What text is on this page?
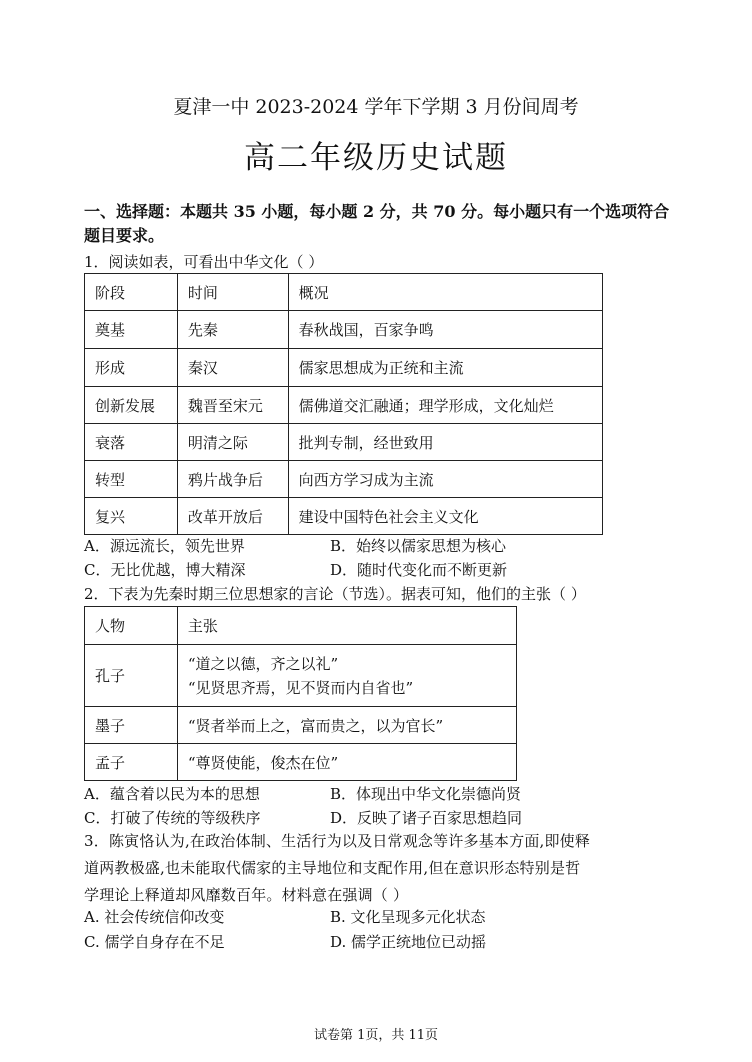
夏津一中 2023-2024 学年下学期 3 月份间周考
高二年级历史试题
一、选择题：本题共 35 小题，每小题 2 分，共 70 分。每小题只有一个选项符合题目要求。
1．阅读如表，可看出中华文化（ ）
阶段	时间	概况
奠基	先秦	春秋战国，百家争鸣
形成	秦汉	儒家思想成为正统和主流
创新发展	魏晋至宋元	儒佛道交汇融通；理学形成，文化灿烂
衰落	明清之际	批判专制，经世致用
转型	鸦片战争后	向西方学习成为主流
复兴	改革开放后	建设中国特色社会主义文化
A．源远流长，领先世界	B．始终以儒家思想为核心
C．无比优越，博大精深	D．随时代变化而不断更新
2．下表为先秦时期三位思想家的言论（节选）。据表可知，他们的主张（ ）
人物	主张
孔子	“道之以德，齐之以礼”
“见贤思齐焉，见不贤而内自省也”

墨子	“贤者举而上之，富而贵之，以为官长”
孟子	“尊贤使能，俊杰在位”
A．蕴含着以民为本的思想	B．体现出中华文化崇德尚贤
C．打破了传统的等级秩序	D．反映了诸子百家思想趋同
3．陈寅恪认为,在政治体制、生活行为以及日常观念等许多基本方面,即使释
道两教极盛,也未能取代儒家的主导地位和支配作用,但在意识形态特别是哲
学理论上释道却风靡数百年。材料意在强调（ ）
A. 社会传统信仰改变	B. 文化呈现多元化状态
C. 儒学自身存在不足	D. 儒学正统地位已动摇
试卷第 1页，共 11页
